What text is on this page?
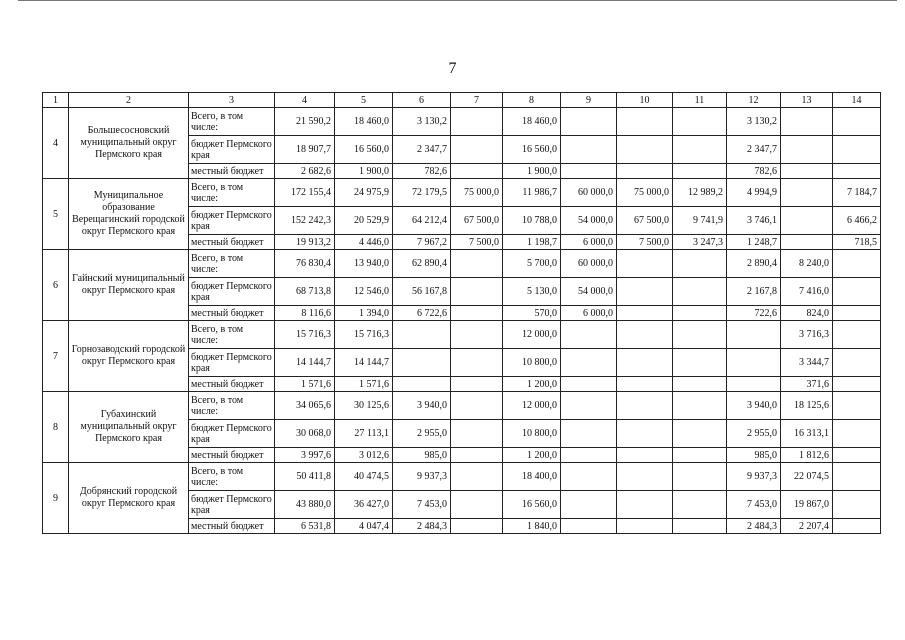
7
1	2	3	4	5	6	7	8	9	10	11	12	13	14
4	Большесосновский муниципальный округ Пермского края	Всего, в том числе:	21 590,2	18 460,0	3 130,2		18 460,0				3 130,2		
		бюджет Пермского края	18 907,7	16 560,0	2 347,7		16 560,0				2 347,7		
		местный бюджет	2 682,6	1 900,0	782,6		1 900,0				782,6		
5	Муниципальное образование Верещагинский городской округ Пермского края	Всего, в том числе:	172 155,4	24 975,9	72 179,5	75 000,0	11 986,7	60 000,0	75 000,0	12 989,2	4 994,9		7 184,7
		бюджет Пермского края	152 242,3	20 529,9	64 212,4	67 500,0	10 788,0	54 000,0	67 500,0	9 741,9	3 746,1		6 466,2
		местный бюджет	19 913,2	4 446,0	7 967,2	7 500,0	1 198,7	6 000,0	7 500,0	3 247,3	1 248,7		718,5
6	Гайнский муниципальный округ Пермского края	Всего, в том числе:	76 830,4	13 940,0	62 890,4		5 700,0	60 000,0			2 890,4	8 240,0	
		бюджет Пермского края	68 713,8	12 546,0	56 167,8		5 130,0	54 000,0			2 167,8	7 416,0	
		местный бюджет	8 116,6	1 394,0	6 722,6		570,0	6 000,0			722,6	824,0	
7	Горнозаводский городской округ Пермского края	Всего, в том числе:	15 716,3	15 716,3			12 000,0					3 716,3	
		бюджет Пермского края	14 144,7	14 144,7			10 800,0					3 344,7	
		местный бюджет	1 571,6	1 571,6			1 200,0					371,6	
8	Губахинский муниципальный округ Пермского края	Всего, в том числе:	34 065,6	30 125,6	3 940,0		12 000,0				3 940,0	18 125,6	
		бюджет Пермского края	30 068,0	27 113,1	2 955,0		10 800,0				2 955,0	16 313,1	
		местный бюджет	3 997,6	3 012,6	985,0		1 200,0				985,0	1 812,6	
9	Добрянский городской округ Пермского края	Всего, в том числе:	50 411,8	40 474,5	9 937,3		18 400,0				9 937,3	22 074,5	
		бюджет Пермского края	43 880,0	36 427,0	7 453,0		16 560,0				7 453,0	19 867,0	
		местный бюджет	6 531,8	4 047,4	2 484,3		1 840,0				2 484,3	2 207,4	
